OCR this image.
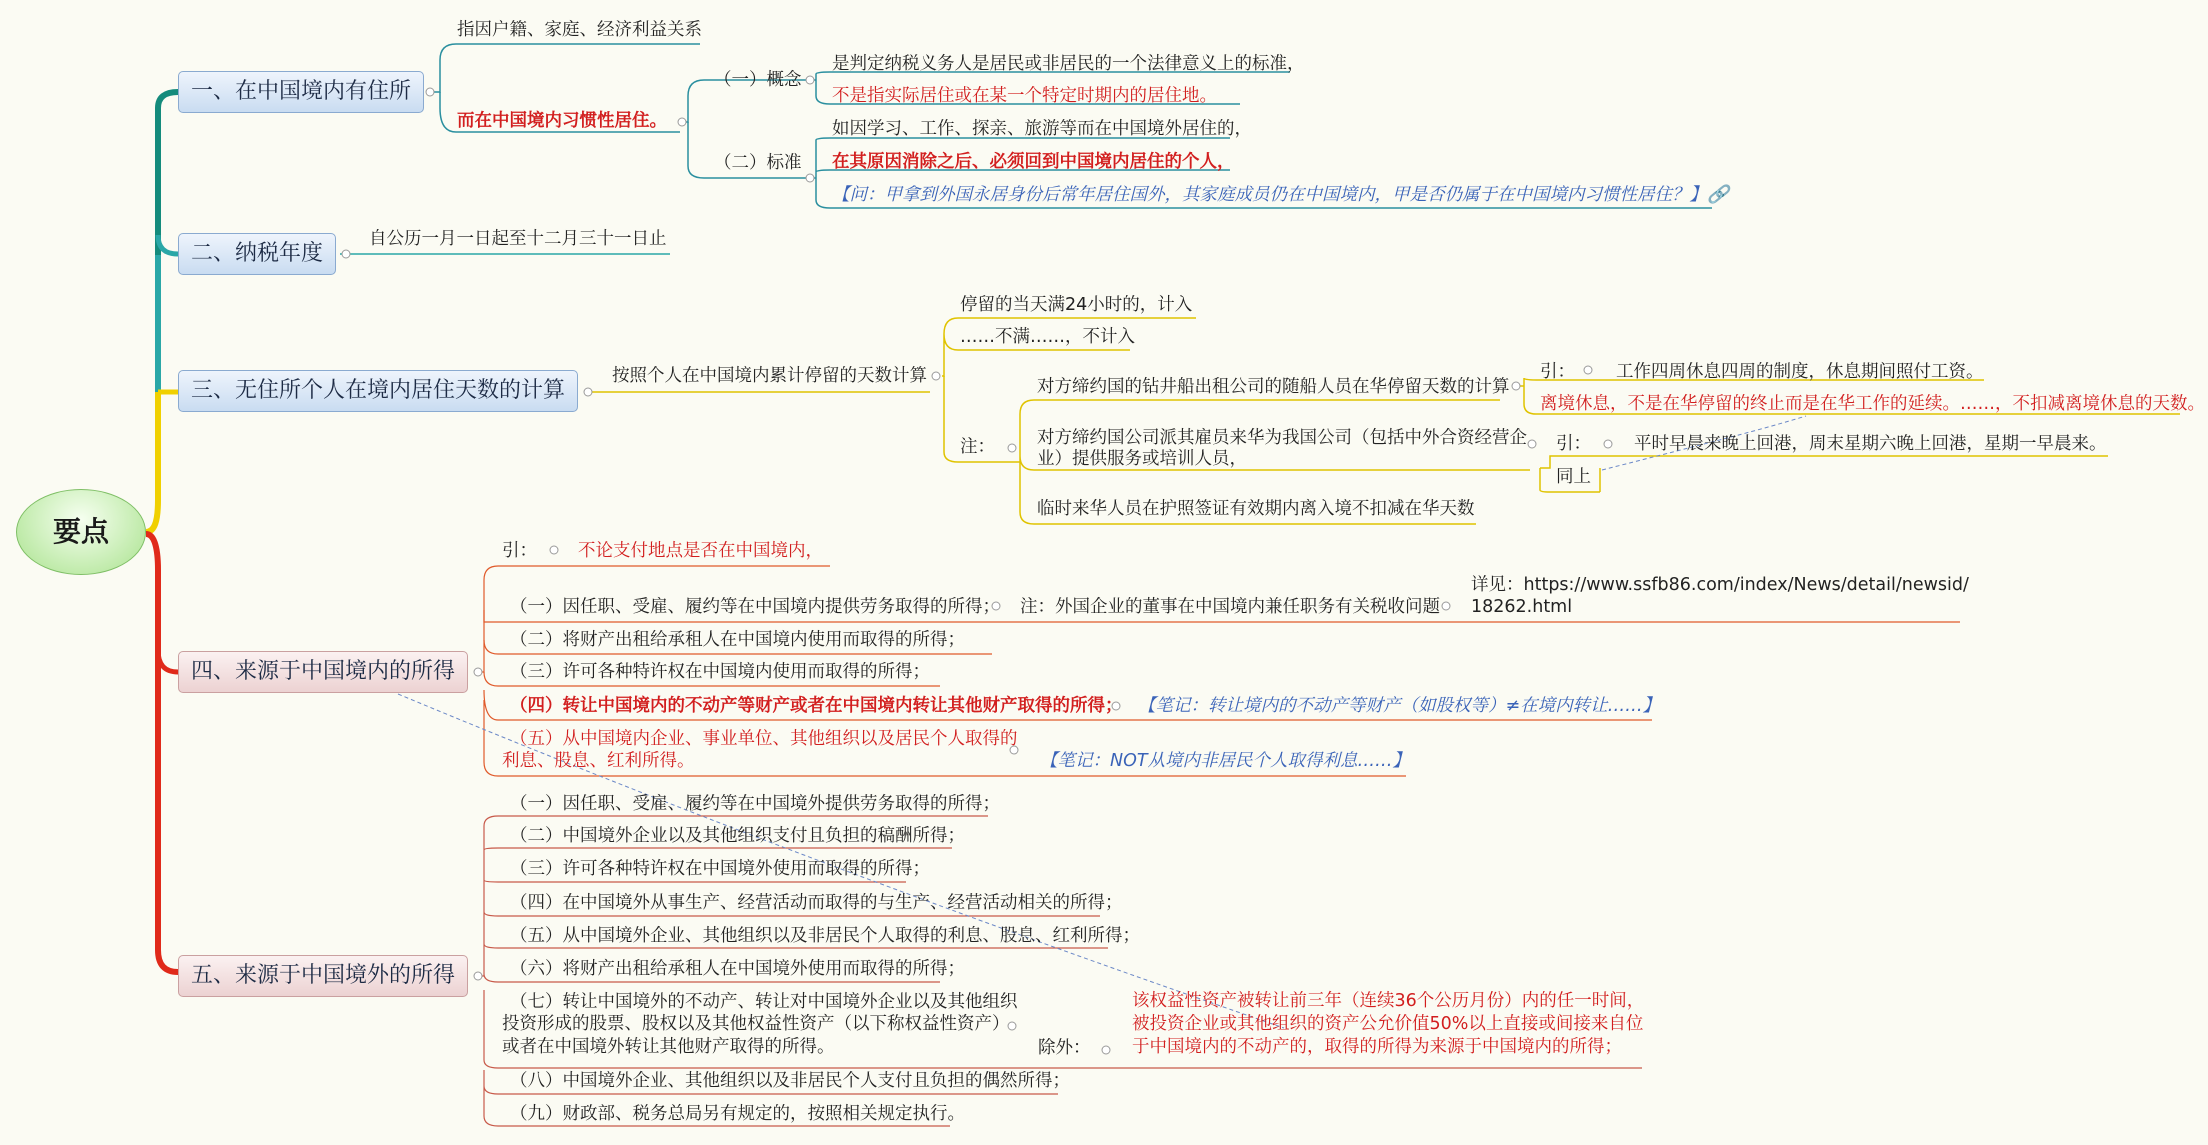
要点
一、在中国境内有住所
指因户籍、家庭、经济利益关系
而在中国境内习惯性居住。
（一）概念
是判定纳税义务人是居民或非居民的一个法律意义上的标准，
不是指实际居住或在某一个特定时期内的居住地。
（二）标准
如因学习、工作、探亲、旅游等而在中国境外居住的，
在其原因消除之后、必须回到中国境内居住的个人，
【问：甲拿到外国永居身份后常年居住国外，其家庭成员仍在中国境内，甲是否仍属于在中国境内习惯性居住？】🔗
二、纳税年度
自公历一月一日起至十二月三十一日止
三、无住所个人在境内居住天数的计算
按照个人在中国境内累计停留的天数计算
停留的当天满24小时的，计入
……不满……，不计入
注：
对方缔约国的钻井船出租公司的随船人员在华停留天数的计算
引： 工作四周休息四周的制度，休息期间照付工资。
离境休息，不是在华停留的终止而是在华工作的延续。……，不扣减离境休息的天数。
对方缔约国公司派其雇员来华为我国公司（包括中外合资经营企
业）提供服务或培训人员，
引： 平时早晨来晚上回港，周末星期六晚上回港，星期一早晨来。
同上
临时来华人员在护照签证有效期内离入境不扣减在华天数
四、来源于中国境内的所得
引： 不论支付地点是否在中国境内，
（一）因任职、受雇、履约等在中国境内提供劳务取得的所得； 注：外国企业的董事在中国境内兼任职务有关税收问题
详见：https://www.ssfb86.com/index/News/detail/newsid/
18262.html
（二）将财产出租给承租人在中国境内使用而取得的所得；
（三）许可各种特许权在中国境内使用而取得的所得；
（四）转让中国境内的不动产等财产或者在中国境内转让其他财产取得的所得； 【笔记：转让境内的不动产等财产（如股权等）≠在境内转让……】
（五）从中国境内企业、事业单位、其他组织以及居民个人取得的
利息、股息、红利所得。	【笔记：NOT从境内非居民个人取得利息……】
五、来源于中国境外的所得
（一）因任职、受雇、履约等在中国境外提供劳务取得的所得；
（二）中国境外企业以及其他组织支付且负担的稿酬所得；
（三）许可各种特许权在中国境外使用而取得的所得；
（四）在中国境外从事生产、经营活动而取得的与生产、经营活动相关的所得；
（五）从中国境外企业、其他组织以及非居民个人取得的利息、股息、红利所得；
（六）将财产出租给承租人在中国境外使用而取得的所得；
（七）转让中国境外的不动产、转让对中国境外企业以及其他组织
投资形成的股票、股权以及其他权益性资产（以下称权益性资产）
或者在中国境外转让其他财产取得的所得。	除外：
该权益性资产被转让前三年（连续36个公历月份）内的任一时间，
被投资企业或其他组织的资产公允价值50%以上直接或间接来自位
于中国境内的不动产的，取得的所得为来源于中国境内的所得；
（八）中国境外企业、其他组织以及非居民个人支付且负担的偶然所得；
（九）财政部、税务总局另有规定的，按照相关规定执行。
